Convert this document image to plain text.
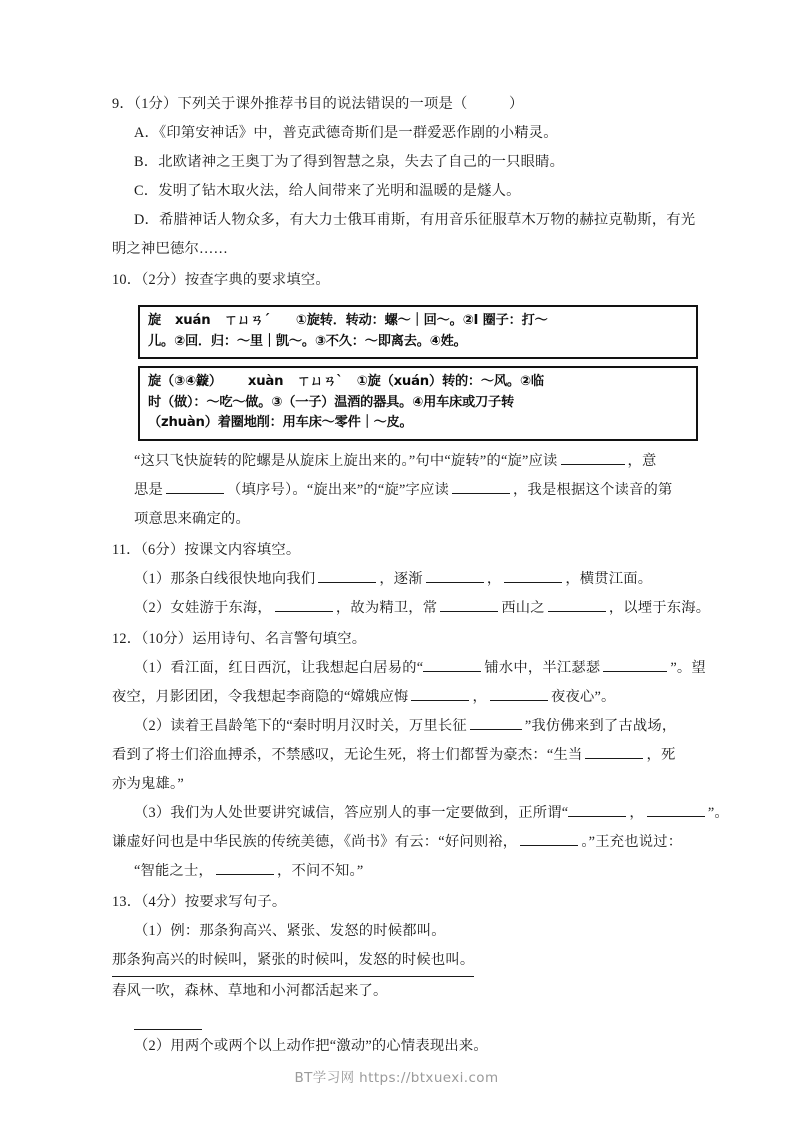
9．（1分）下列关于课外推荐书目的说法错误的一项是（	）
A．《印第安神话》中，普克武德奇斯们是一群爱恶作剧的小精灵。
B．北欧诸神之王奥丁为了得到智慧之泉，失去了自己的一只眼睛。
C．发明了钻木取火法，给人间带来了光明和温暖的是燧人。
D．希腊神话人物众多，有大力士俄耳甫斯，有用音乐征服草木万物的赫拉克勒斯，有光
明之神巴德尔……
10．（2分）按查字典的要求填空。
旋 xuán ㄒㄩㄢˊ ①旋转．转动：螺～｜回～。②Ⅰ 圈子：打～
儿。②回．归：～里｜凯～。③不久：～即离去。④姓。
旋（③④鏇） xuàn ㄒㄩㄢˋ ①旋（xuán）转的：～风。②临
时（做）：～吃～做。③（一子）温酒的器具。④用车床或刀子转
（zhuàn）着圈地削：用车床～零件｜～皮。
“这只飞快旋转的陀螺是从旋床上旋出来的。”句中“旋转”的“旋”应读	，意
思是	（填序号）。“旋出来”的“旋”字应读	，我是根据这个读音的第
项意思来确定的。
11．（6分）按课文内容填空。
（1）那条白线很快地向我们	，逐渐	，	，横贯江面。
（2）女娃游于东海，	，故为精卫，常	西山之	，以堙于东海。
12．（10分）运用诗句、名言警句填空。
（1）看江面，红日西沉，让我想起白居易的“	铺水中，半江瑟瑟	”。望
夜空，月影团团，令我想起李商隐的“嫦娥应悔	，	夜夜心”。
（2）读着王昌龄笔下的“秦时明月汉时关，万里长征	”我仿佛来到了古战场，
看到了将士们浴血搏杀，不禁感叹，无论生死，将士们都誓为豪杰：“生当	，死
亦为鬼雄。”
（3）我们为人处世要讲究诚信，答应别人的事一定要做到，正所谓“	，	”。
谦虚好问也是中华民族的传统美德，《尚书》有云：“好问则裕，	。”王充也说过：
“智能之士，	，不问不知。”
13．（4分）按要求写句子。
（1）例：那条狗高兴、紧张、发怒的时候都叫。
那条狗高兴的时候叫，紧张的时候叫，发怒的时候也叫。
春风一吹，森林、草地和小河都活起来了。
（2）用两个或两个以上动作把“激动”的心情表现出来。
BT学习网 https://btxuexi.com
